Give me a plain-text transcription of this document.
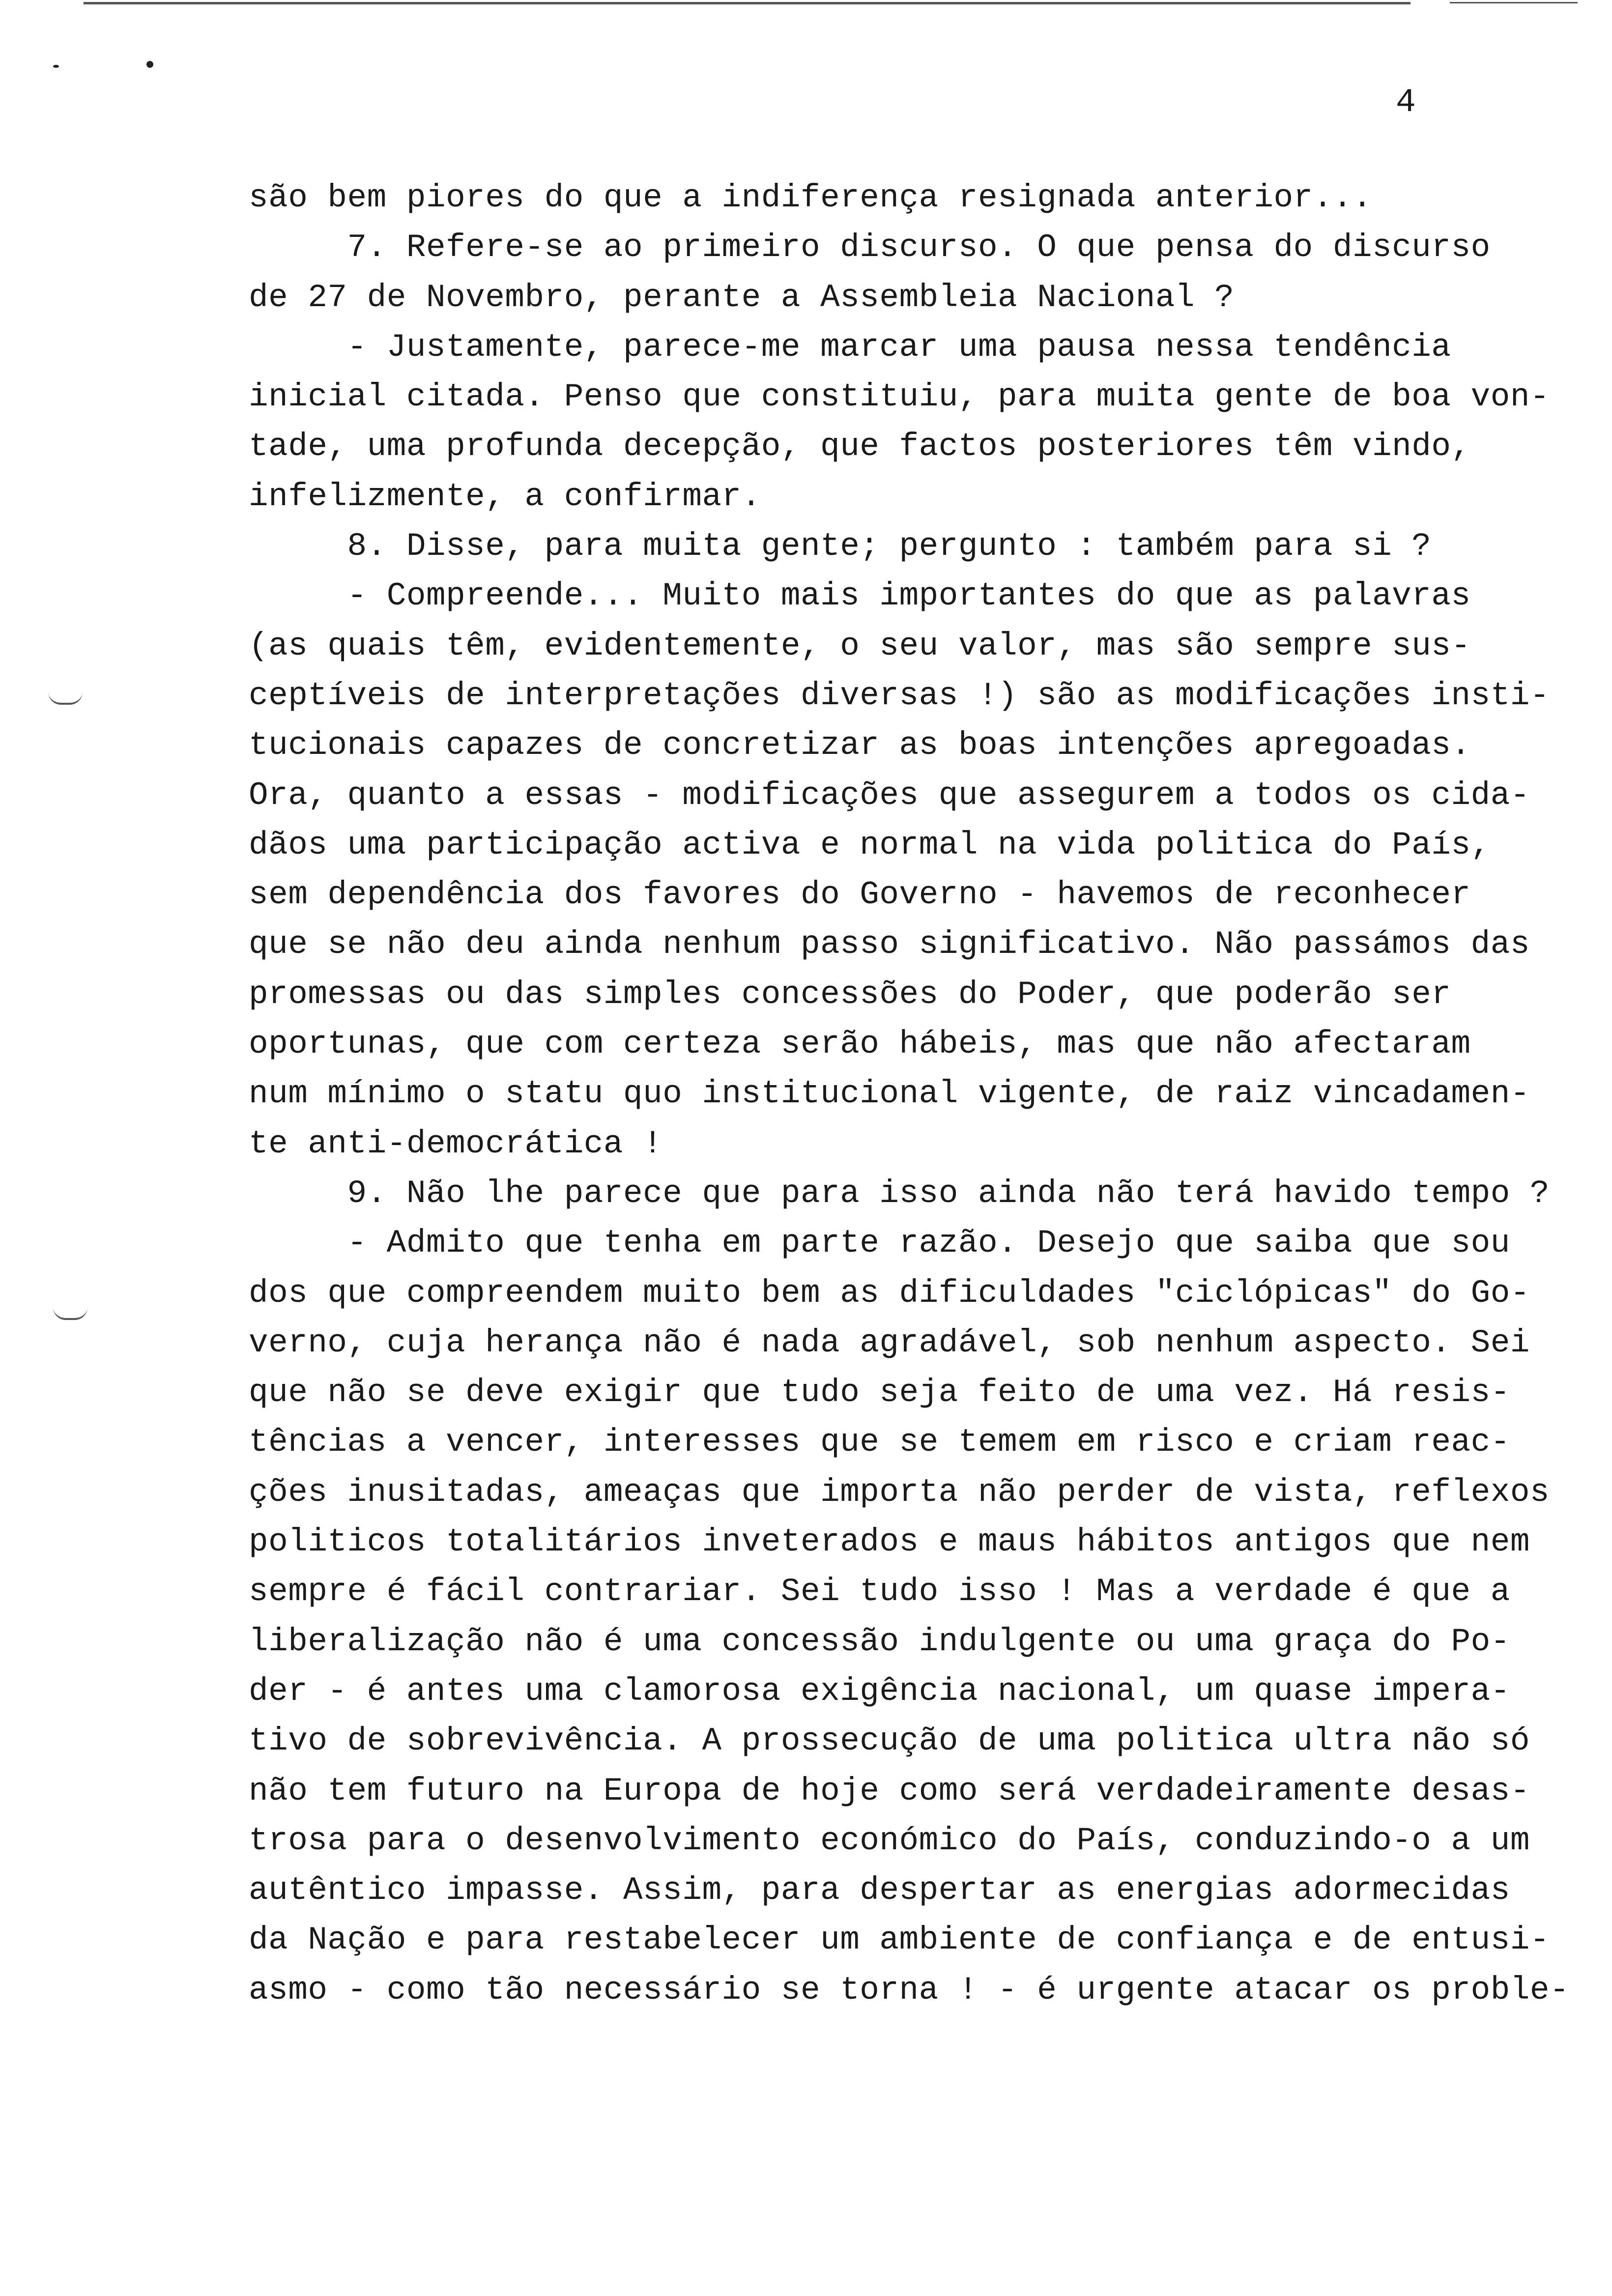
4
são bem piores do que a indiferença resignada anterior...
7. Refere-se ao primeiro discurso. O que pensa do discurso
de 27 de Novembro, perante a Assembleia Nacional ?
- Justamente, parece-me marcar uma pausa nessa tendência
inicial citada. Penso que constituiu, para muita gente de boa von-
tade, uma profunda decepção, que factos posteriores têm vindo,
infelizmente, a confirmar.
8. Disse, para muita gente; pergunto : também para si ?
- Compreende... Muito mais importantes do que as palavras
(as quais têm, evidentemente, o seu valor, mas são sempre sus-
ceptíveis de interpretações diversas !) são as modificações insti-
tucionais capazes de concretizar as boas intenções apregoadas.
Ora, quanto a essas - modificações que assegurem a todos os cida-
dãos uma participação activa e normal na vida politica do País,
sem dependência dos favores do Governo - havemos de reconhecer
que se não deu ainda nenhum passo significativo. Não passámos das
promessas ou das simples concessões do Poder, que poderão ser
oportunas, que com certeza serão hábeis, mas que não afectaram
num mínimo o statu quo institucional vigente, de raiz vincadamen-
te anti-democrática !
9. Não lhe parece que para isso ainda não terá havido tempo ?
- Admito que tenha em parte razão. Desejo que saiba que sou
dos que compreendem muito bem as dificuldades "ciclópicas" do Go-
verno, cuja herança não é nada agradável, sob nenhum aspecto. Sei
que não se deve exigir que tudo seja feito de uma vez. Há resis-
tências a vencer, interesses que se temem em risco e criam reac-
ções inusitadas, ameaças que importa não perder de vista, reflexos
politicos totalitários inveterados e maus hábitos antigos que nem
sempre é fácil contrariar. Sei tudo isso ! Mas a verdade é que a
liberalização não é uma concessão indulgente ou uma graça do Po-
der - é antes uma clamorosa exigência nacional, um quase impera-
tivo de sobrevivência. A prossecução de uma politica ultra não só
não tem futuro na Europa de hoje como será verdadeiramente desas-
trosa para o desenvolvimento económico do País, conduzindo-o a um
autêntico impasse. Assim, para despertar as energias adormecidas
da Nação e para restabelecer um ambiente de confiança e de entusi-
asmo - como tão necessário se torna ! - é urgente atacar os proble-
